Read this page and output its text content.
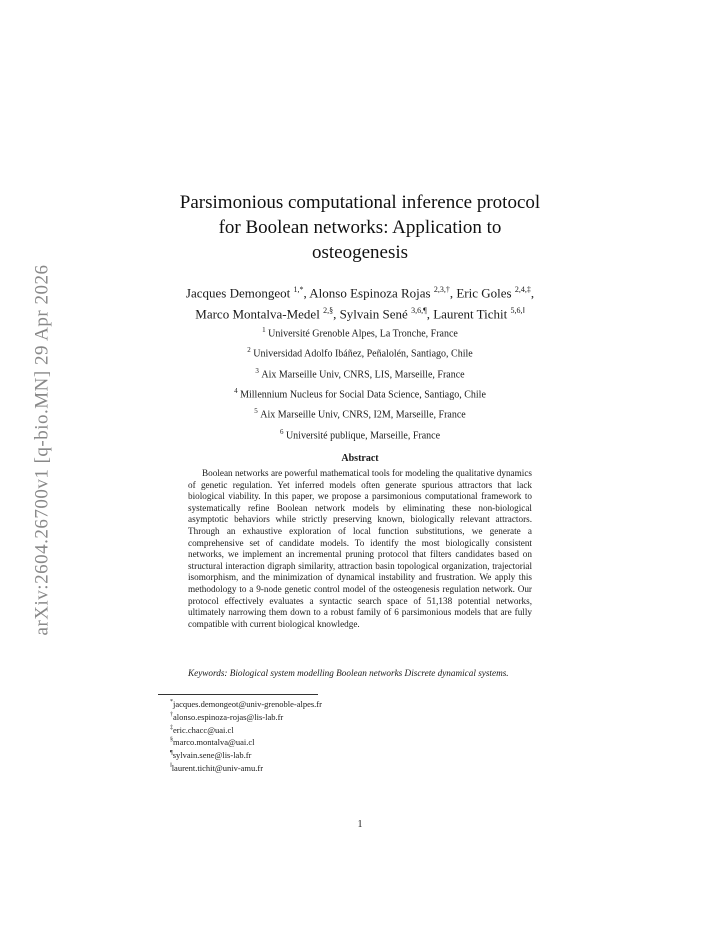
arXiv:2604.26700v1 [q-bio.MN] 29 Apr 2026
Parsimonious computational inference protocol
for Boolean networks: Application to
osteogenesis
Jacques Demongeot $^{1,*}$, Alonso Espinoza Rojas $^{2,3,\dagger}$, Eric Goles $^{2,4,\ddagger}$,
Marco Montalva-Medel $^{2,\S}$, Sylvain Sené $^{3,6,\P}$, Laurent Tichit $^{5,6,‖}$
$^1$ Université Grenoble Alpes, La Tronche, France
$^2$ Universidad Adolfo Ibáñez, Peñalolén, Santiago, Chile
$^3$ Aix Marseille Univ, CNRS, LIS, Marseille, France
$^4$ Millennium Nucleus for Social Data Science, Santiago, Chile
$^5$ Aix Marseille Univ, CNRS, I2M, Marseille, France
$^6$ Université publique, Marseille, France
Abstract
Boolean networks are powerful mathematical tools for modeling the qualitative dynamics of genetic regulation. Yet inferred models often generate spurious attractors that lack biological viability. In this paper, we propose a parsimonious computational framework to systematically refine Boolean network models by eliminating these non-biological asymptotic behaviors while strictly preserving known, biologically relevant attractors. Through an exhaustive exploration of local function substitutions, we generate a comprehensive set of candidate models. To identify the most biologically consistent networks, we implement an incremental pruning protocol that filters candidates based on structural interaction digraph similarity, attraction basin topological organization, trajectorial isomorphism, and the minimization of dynamical instability and frustration. We apply this methodology to a 9-node genetic control model of the osteogenesis regulation network. Our protocol effectively evaluates a syntactic search space of 51,138 potential networks, ultimately narrowing them down to a robust family of 6 parsimonious models that are fully compatible with current biological knowledge.
Keywords: Biological system modelling Boolean networks Discrete dynamical systems.
*jacques.demongeot@univ-grenoble-alpes.fr
†alonso.espinoza-rojas@lis-lab.fr
‡eric.chacc@uai.cl
§marco.montalva@uai.cl
¶sylvain.sene@lis-lab.fr
‖laurent.tichit@univ-amu.fr
1
